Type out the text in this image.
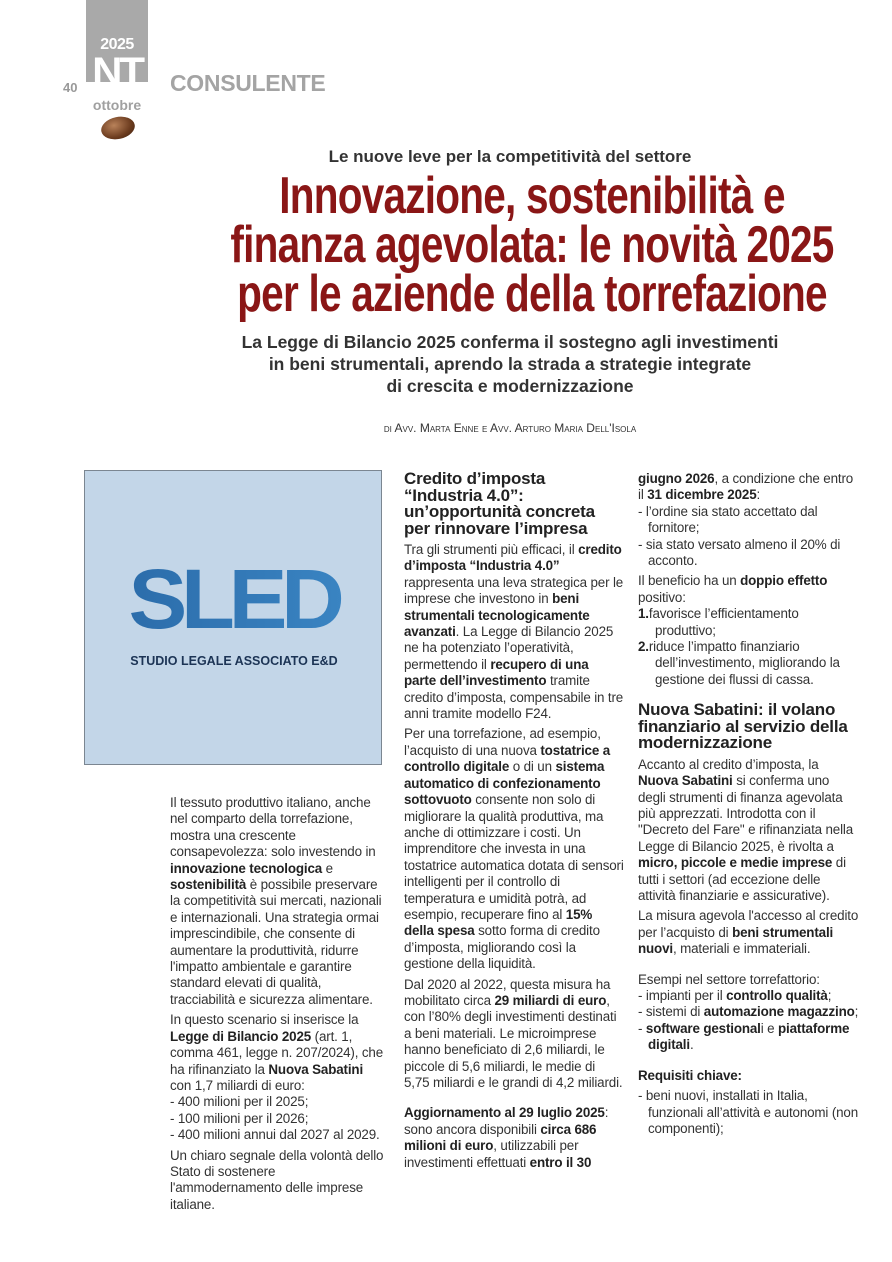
2025
NT
40
ottobre
CONSULENTE
Le nuove leve per la competitività del settore
Innovazione, sostenibilità e
finanza agevolata: le novità 2025
per le aziende della torrefazione
La Legge di Bilancio 2025 conferma il sostegno agli investimenti
in beni strumentali, aprendo la strada a strategie integrate
di crescita e modernizzazione
di Avv. Marta Enne e Avv. Arturo Maria Dell'Isola
SLED
STUDIO LEGALE ASSOCIATO E&D

Il tessuto produttivo italiano, anche nel comparto della torrefazione, mostra una crescente consapevolezza: solo investendo in innovazione tecnologica e sostenibilità è possibile preservare la competitività sui mercati, nazionali e internazionali. Una strategia ormai imprescindibile, che consente di aumentare la produttività, ridurre l'impatto ambientale e garantire standard elevati di qualità, tracciabilità e sicurezza alimentare.

In questo scenario si inserisce la Legge di Bilancio 2025 (art. 1, comma 461, legge n. 207/2024), che ha rifinanziato la Nuova Sabatini con 1,7 miliardi di euro:

- 400 milioni per il 2025;

- 100 milioni per il 2026;

- 400 milioni annui dal 2027 al 2029.

Un chiaro segnale della volontà dello Stato di sostenere l'ammodernamento delle imprese italiane.

Credito d’imposta “Industria 4.0”: un’opportunità concreta per rinnovare l’impresa

Tra gli strumenti più efficaci, il credito d’imposta “Industria 4.0” rappresenta una leva strategica per le imprese che investono in beni strumentali tecnologicamente avanzati. La Legge di Bilancio 2025 ne ha potenziato l’operatività, permettendo il recupero di una parte dell’investimento tramite credito d’imposta, compensabile in tre anni tramite modello F24.

Per una torrefazione, ad esempio, l’acquisto di una nuova tostatrice a controllo digitale o di un sistema automatico di confezionamento sottovuoto consente non solo di migliorare la qualità produttiva, ma anche di ottimizzare i costi. Un imprenditore che investa in una tostatrice automatica dotata di sensori intelligenti per il controllo di temperatura e umidità potrà, ad esempio, recuperare fino al 15% della spesa sotto forma di credito d’imposta, migliorando così la gestione della liquidità.

Dal 2020 al 2022, questa misura ha mobilitato circa 29 miliardi di euro, con l’80% degli investimenti destinati a beni materiali. Le microimprese hanno beneficiato di 2,6 miliardi, le piccole di 5,6 miliardi, le medie di 5,75 miliardi e le grandi di 4,2 miliardi.

Aggiornamento al 29 luglio 2025: sono ancora disponibili circa 686 milioni di euro, utilizzabili per investimenti effettuati entro il 30

giugno 2026, a condizione che entro il 31 dicembre 2025:

- l’ordine sia stato accettato dal fornitore;

- sia stato versato almeno il 20% di acconto.

Il beneficio ha un doppio effetto positivo:

1.favorisce l’efficientamento produttivo;

2.riduce l’impatto finanziario dell’investimento, migliorando la gestione dei flussi di cassa.

Nuova Sabatini: il volano finanziario al servizio della modernizzazione

Accanto al credito d’imposta, la Nuova Sabatini si conferma uno degli strumenti di finanza agevolata più apprezzati. Introdotta con il "Decreto del Fare" e rifinanziata nella Legge di Bilancio 2025, è rivolta a micro, piccole e medie imprese di tutti i settori (ad eccezione delle attività finanziarie e assicurative).

La misura agevola l'accesso al credito per l’acquisto di beni strumentali nuovi, materiali e immateriali.

Esempi nel settore torrefattorio:

- impianti per il controllo qualità;

- sistemi di automazione magazzino;

- software gestionali e piattaforme digitali.

Requisiti chiave:

- beni nuovi, installati in Italia, funzionali all’attività e autonomi (non componenti);
